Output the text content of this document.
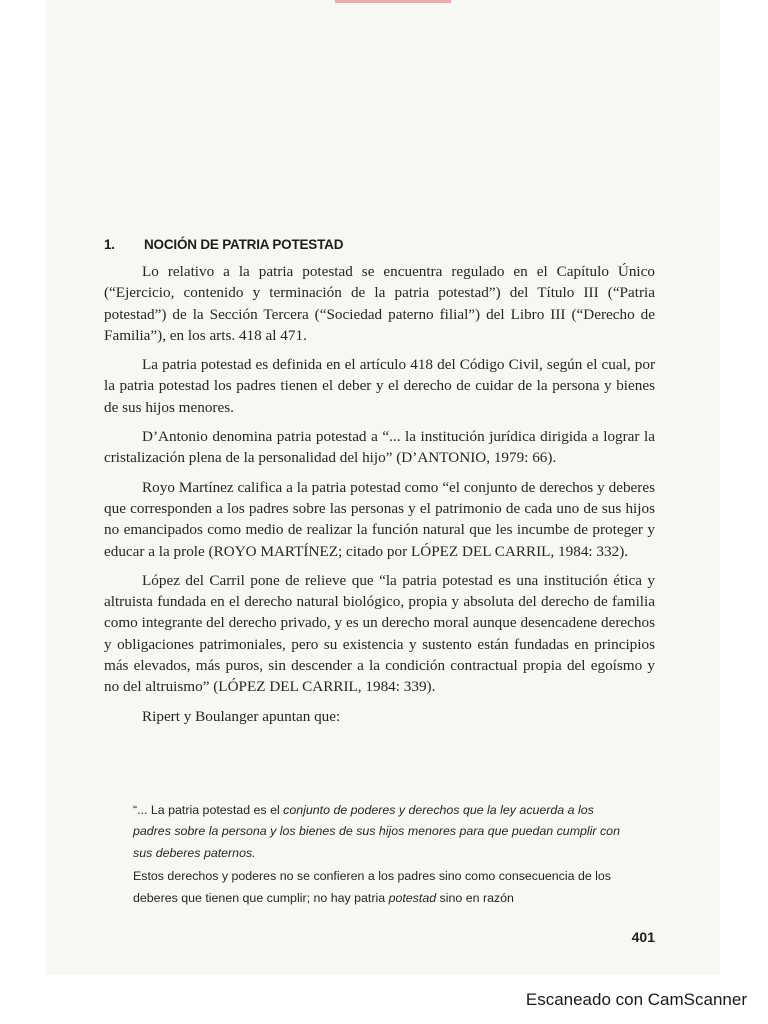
1. NOCIÓN DE PATRIA POTESTAD

Lo relativo a la patria potestad se encuentra regulado en el Capítulo Único (“Ejercicio, contenido y terminación de la patria potestad”) del Título III (“Patria potestad”) de la Sección Tercera (“Sociedad paterno filial”) del Libro III (“Derecho de Familia”), en los arts. 418 al 471.

La patria potestad es definida en el artículo 418 del Código Civil, según el cual, por la patria potestad los padres tienen el deber y el derecho de cuidar de la persona y bienes de sus hijos menores.

D’Antonio denomina patria potestad a “... la institución jurídica dirigida a lograr la cristalización plena de la personalidad del hijo” (D’ANTONIO, 1979: 66).

Royo Martínez califica a la patria potestad como “el conjunto de derechos y deberes que corresponden a los padres sobre las personas y el patrimonio de cada uno de sus hijos no emancipados como medio de realizar la función natural que les incumbe de proteger y educar a la prole (ROYO MARTÍNEZ; citado por LÓPEZ DEL CARRIL, 1984: 332).

López del Carril pone de relieve que “la patria potestad es una institución ética y altruista fundada en el derecho natural biológico, propia y absoluta del derecho de familia como integrante del derecho privado, y es un derecho moral aunque desencadene derechos y obligaciones patrimoniales, pero su existencia y sustento están fundadas en principios más elevados, más puros, sin descender a la condición contractual propia del egoísmo y no del altruismo” (LÓPEZ DEL CARRIL, 1984: 339).

Ripert y Boulanger apuntan que:

“... La patria potestad es el conjunto de poderes y derechos que la ley acuerda a los padres sobre la persona y los bienes de sus hijos menores para que puedan cumplir con sus deberes paternos.

Estos derechos y poderes no se confieren a los padres sino como consecuencia de los deberes que tienen que cumplir; no hay patria potestad sino en razón

401
Escaneado con CamScanner
